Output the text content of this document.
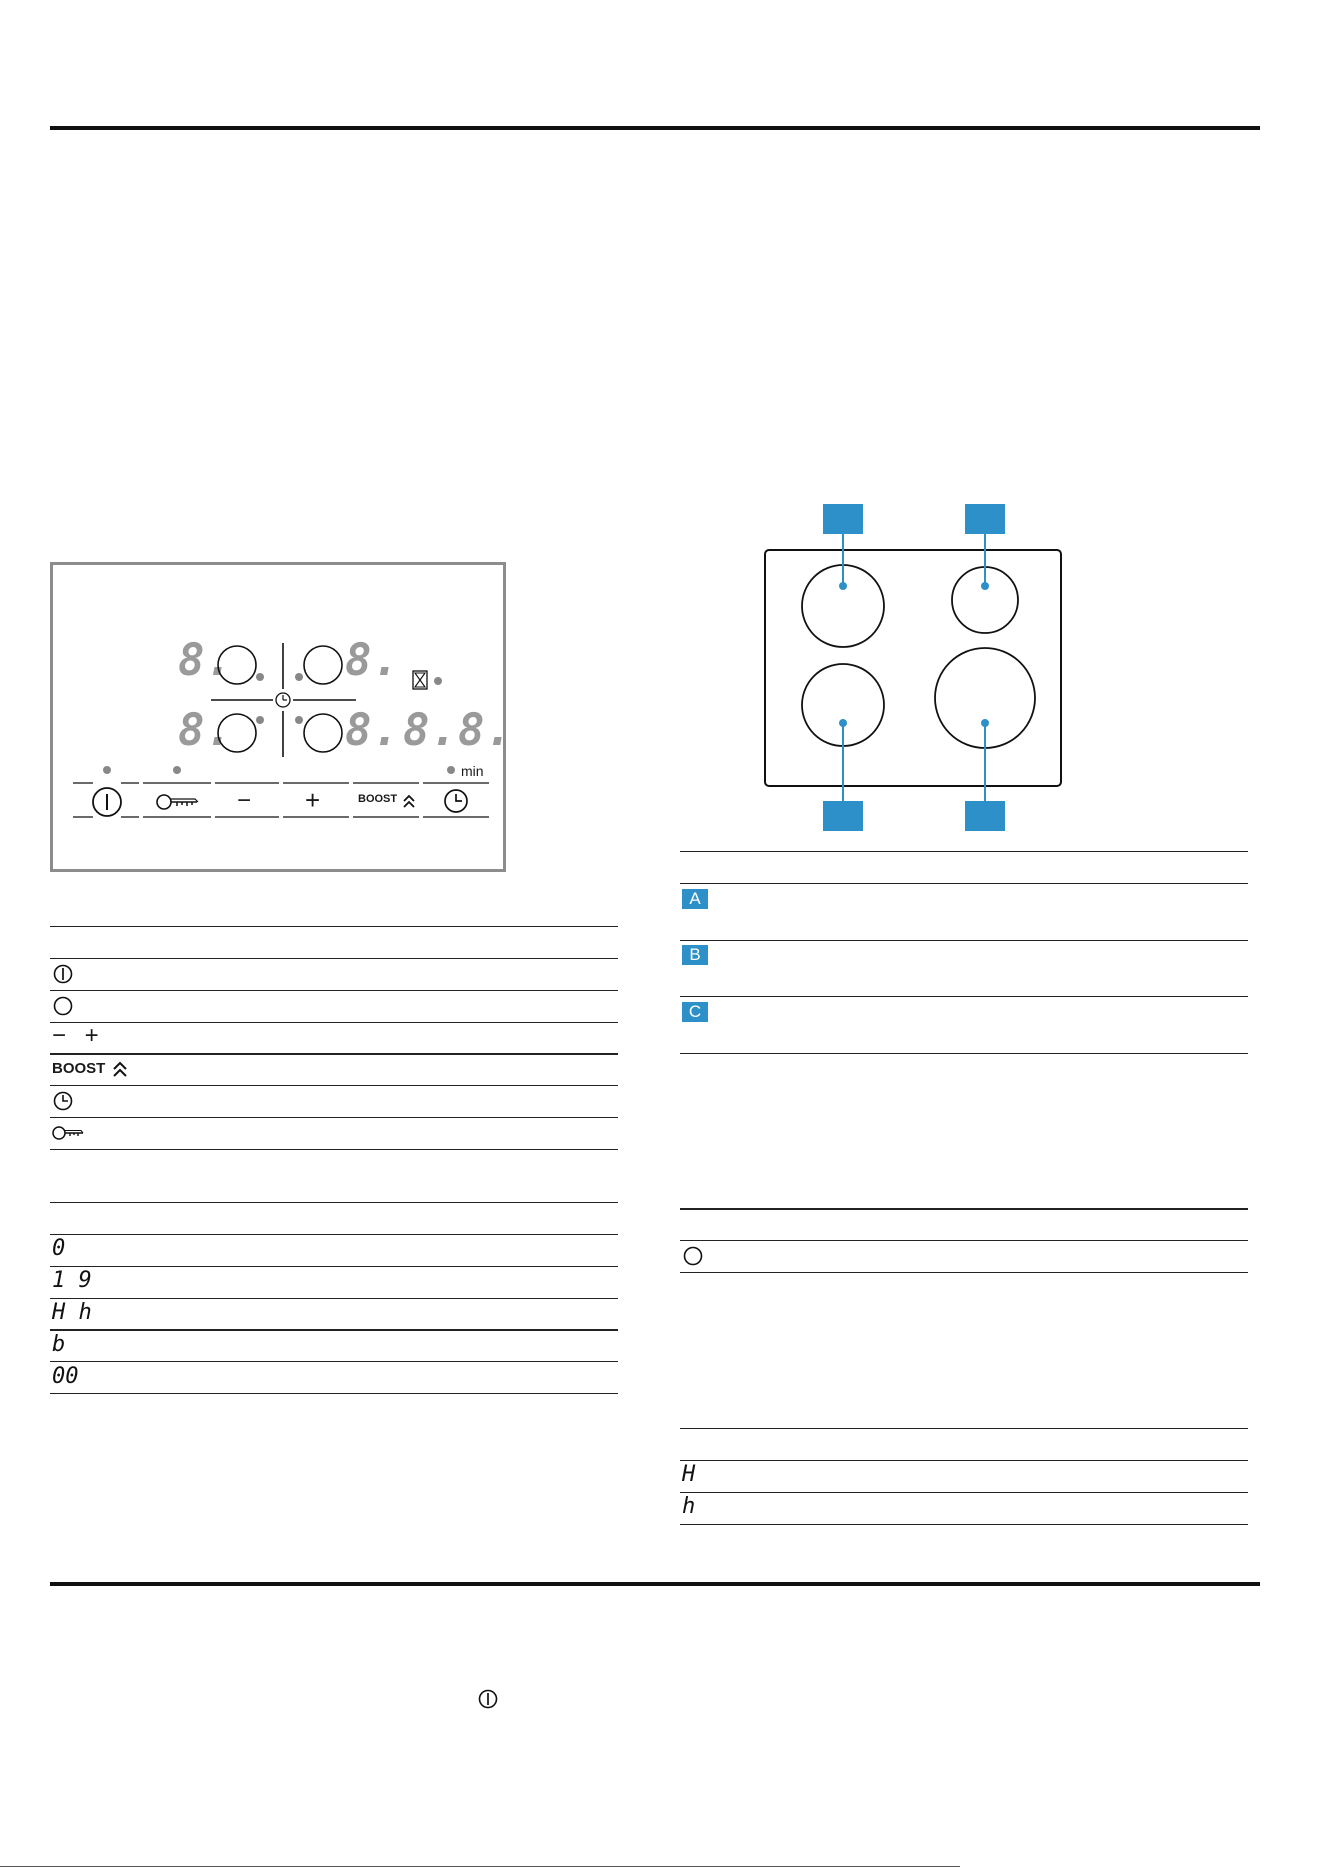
8.	8.
8.	8. 8.8.
− +	BOOST
min
− +
BOOST
0
1 9
H h
b
00
A
B
C
H
h
